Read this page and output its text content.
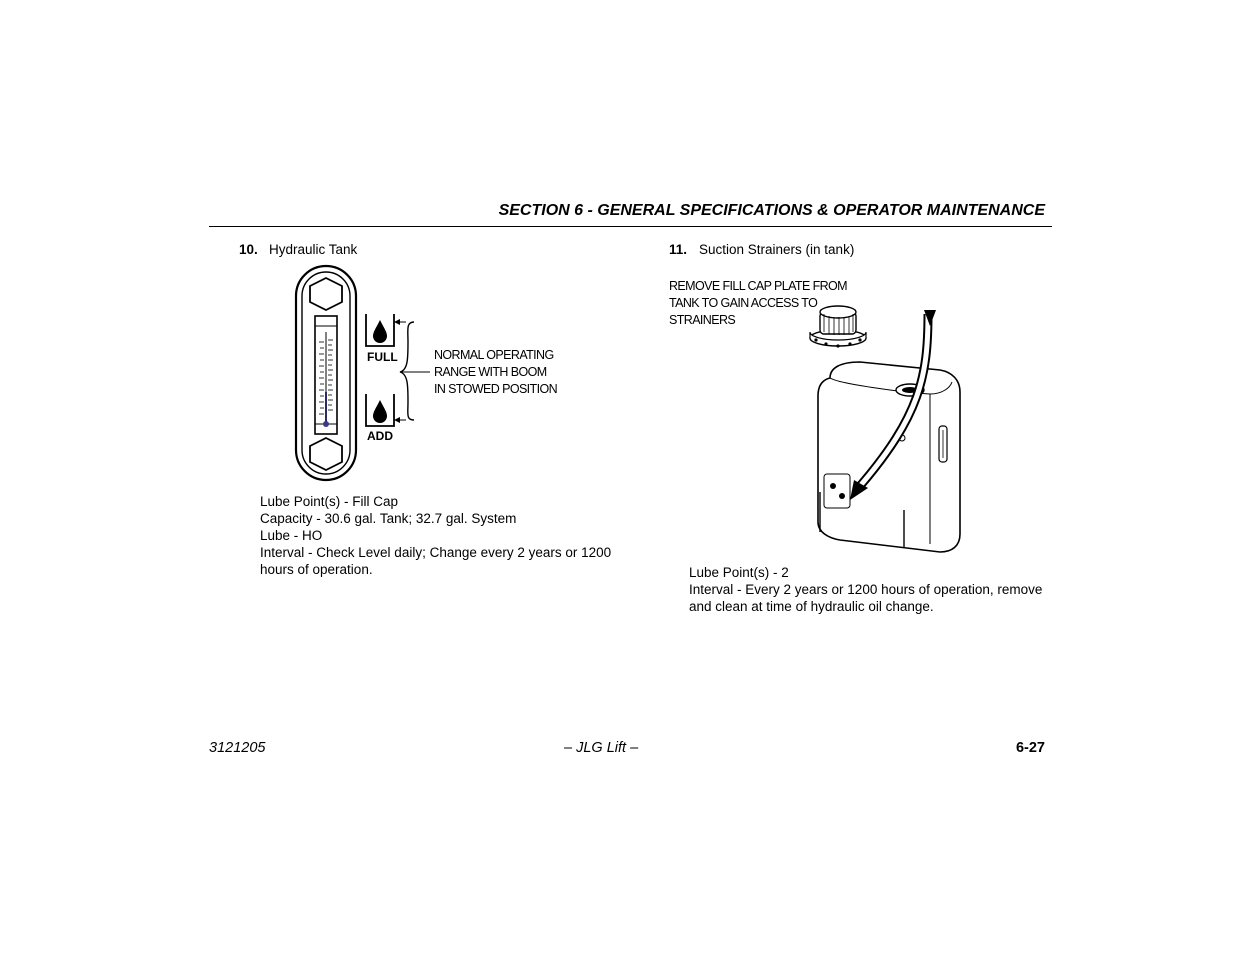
SECTION 6 - GENERAL SPECIFICATIONS & OPERATOR MAINTENANCE
10. Hydraulic Tank
FULL
ADD
NORMAL OPERATING
RANGE WITH BOOM
IN STOWED POSITION
Lube Point(s) - Fill Cap
Capacity - 30.6 gal. Tank; 32.7 gal. System
Lube - HO
Interval - Check Level daily; Change every 2 years or 1200
hours of operation.
11. Suction Strainers (in tank)
REMOVE FILL CAP PLATE FROM
TANK TO GAIN ACCESS TO
STRAINERS
Lube Point(s) - 2
Interval - Every 2 years or 1200 hours of operation, remove
and clean at time of hydraulic oil change.
3121205	– JLG Lift –	6-27
